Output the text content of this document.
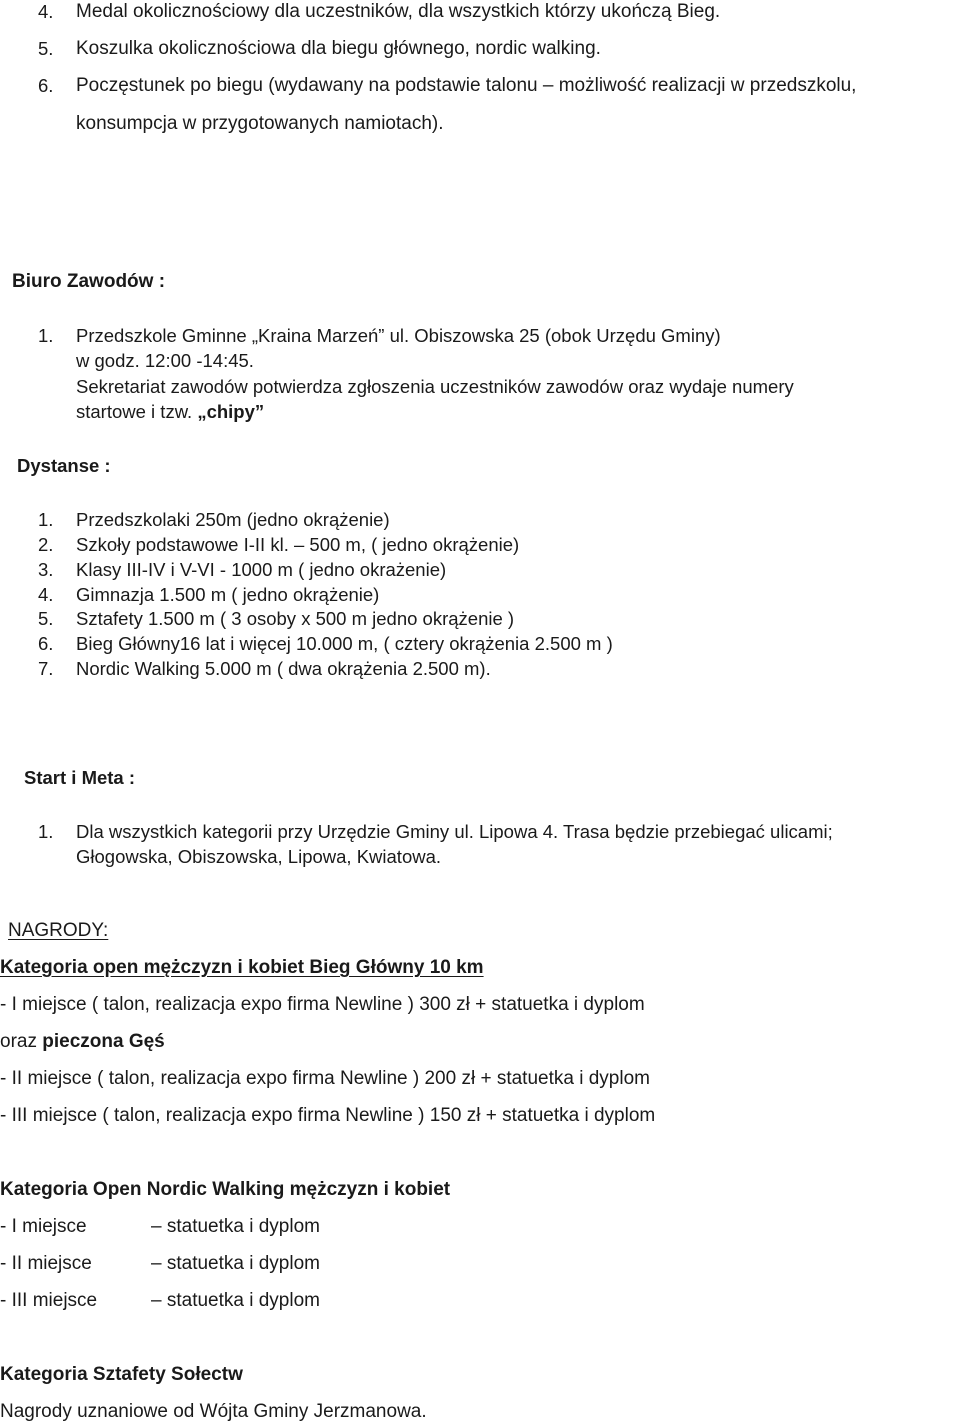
4. Medal okolicznościowy dla uczestników, dla wszystkich którzy ukończą Bieg.
5. Koszulka okolicznościowa dla biegu głównego, nordic walking.
6. Poczęstunek po biegu (wydawany na podstawie talonu – możliwość realizacji w przedszkolu,
konsumpcja w przygotowanych namiotach).
Biuro Zawodów :
1. Przedszkole Gminne „Kraina Marzeń” ul. Obiszowska 25 (obok Urzędu Gminy)
w godz. 12:00 -14:45.
Sekretariat zawodów potwierdza zgłoszenia uczestników zawodów oraz wydaje numery
startowe i tzw. „chipy”
Dystanse :
1. Przedszkolaki 250m (jedno okrążenie)
2. Szkoły podstawowe I-II kl. – 500 m, ( jedno okrążenie)
3. Klasy III-IV i V-VI - 1000 m ( jedno okrażenie)
4. Gimnazja 1.500 m ( jedno okrążenie)
5. Sztafety 1.500 m ( 3 osoby x 500 m jedno okrążenie )
6. Bieg Główny16 lat i więcej 10.000 m, ( cztery okrążenia 2.500 m )
7. Nordic Walking 5.000 m ( dwa okrążenia 2.500 m).
Start i Meta :
1. Dla wszystkich kategorii przy Urzędzie Gminy ul. Lipowa 4. Trasa będzie przebiegać ulicami;
Głogowska, Obiszowska, Lipowa, Kwiatowa.
NAGRODY:
Kategoria open mężczyzn i kobiet Bieg Główny 10 km
- I miejsce ( talon, realizacja expo firma Newline ) 300 zł + statuetka i dyplom
oraz pieczona Gęś
- II miejsce ( talon, realizacja expo firma Newline ) 200 zł + statuetka i dyplom
- III miejsce ( talon, realizacja expo firma Newline ) 150 zł + statuetka i dyplom
Kategoria Open Nordic Walking mężczyzn i kobiet
- I miejsce	– statuetka i dyplom
- II miejsce	– statuetka i dyplom
- III miejsce	– statuetka i dyplom
Kategoria Sztafety Sołectw
Nagrody uznaniowe od Wójta Gminy Jerzmanowa.
